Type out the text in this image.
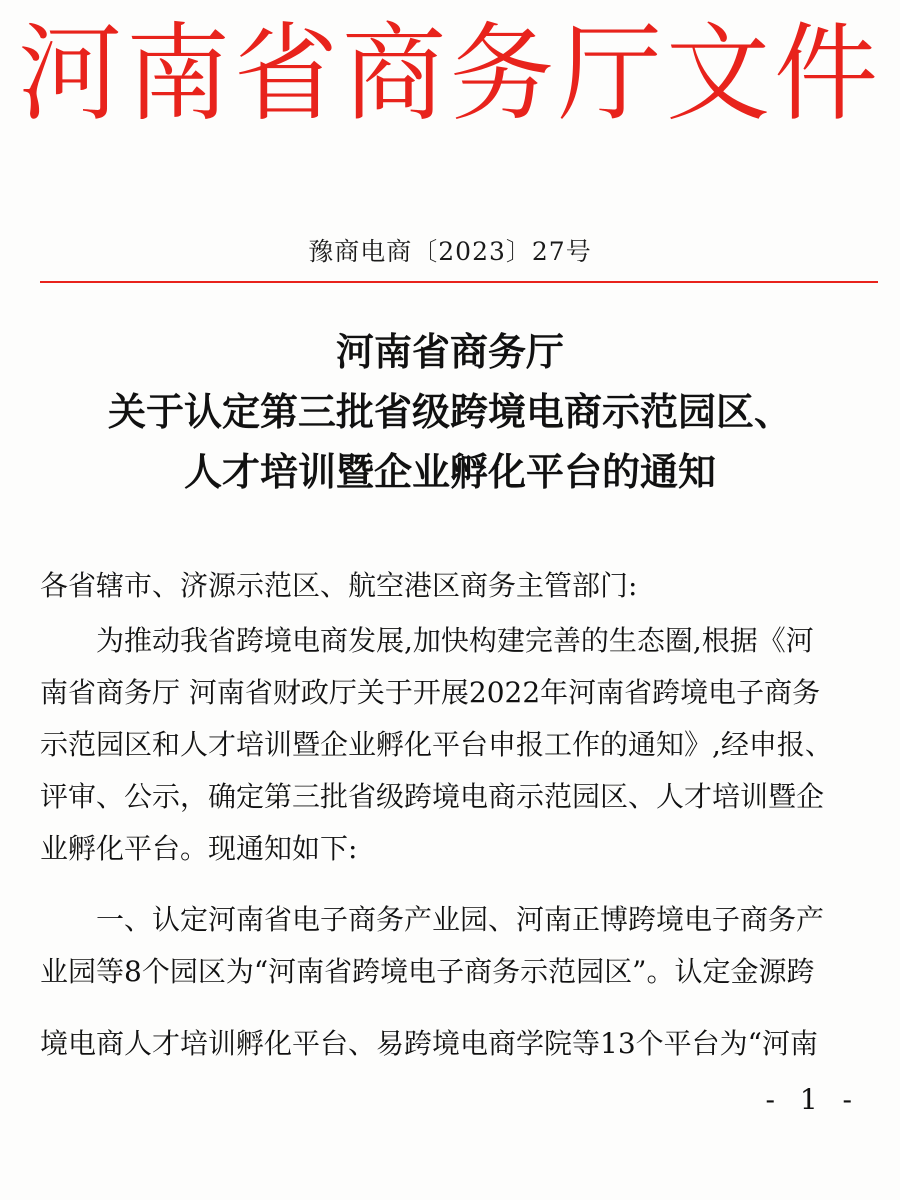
河南省商务厅文件
豫商电商〔2023〕27号
河南省商务厅
关于认定第三批省级跨境电商示范园区、
人才培训暨企业孵化平台的通知
各省辖市、济源示范区、航空港区商务主管部门:
为推动我省跨境电商发展,加快构建完善的生态圈,根据《河
南省商务厅 河南省财政厅关于开展2022年河南省跨境电子商务
示范园区和人才培训暨企业孵化平台申报工作的通知》,经申报、
评审、公示，确定第三批省级跨境电商示范园区、人才培训暨企
业孵化平台。现通知如下:
一、认定河南省电子商务产业园、河南正博跨境电子商务产
业园等8个园区为“河南省跨境电子商务示范园区”。认定金源跨
境电商人才培训孵化平台、易跨境电商学院等13个平台为“河南
- 1 -
